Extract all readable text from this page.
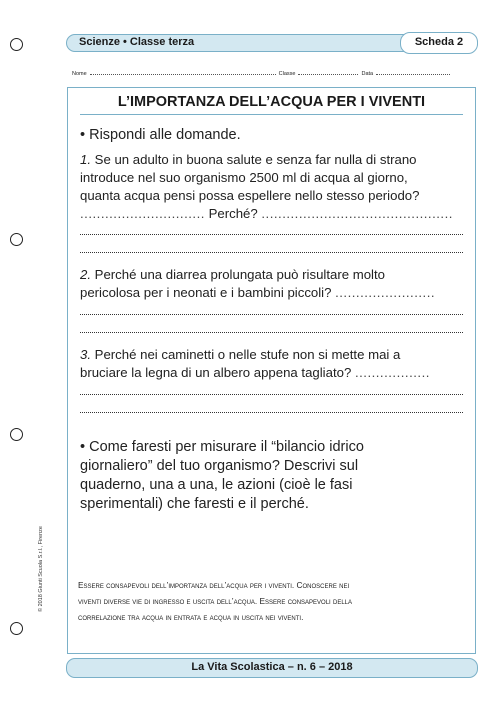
Scienze • Classe terza	Scheda 2
Nome	Classe	Data
L’IMPORTANZA DELL’ACQUA PER I VIVENTI
• Rispondi alle domande.
1. Se un adulto in buona salute e senza far nulla di strano
introduce nel suo organismo 2500 ml di acqua al giorno,
quanta acqua pensi possa espellere nello stesso periodo?
.............................. Perché? ..............................................
2. Perché una diarrea prolungata può risultare molto
pericolosa per i neonati e i bambini piccoli? ........................
3. Perché nei caminetti o nelle stufe non si mette mai a
bruciare la legna di un albero appena tagliato? ..................
• Come faresti per misurare il “bilancio idrico
giornaliero” del tuo organismo? Descrivi sul
quaderno, una a una, le azioni (cioè le fasi
sperimentali) che faresti e il perché.
Essere consapevoli dell’importanza dell’acqua per i viventi. Conoscere nei
viventi diverse vie di ingresso e uscita dell’acqua. Essere consapevoli della
correlazione tra acqua in entrata e acqua in uscita nei viventi.
© 2018 Giunti Scuola S.r.l., Firenze
La Vita Scolastica – n. 6 – 2018
